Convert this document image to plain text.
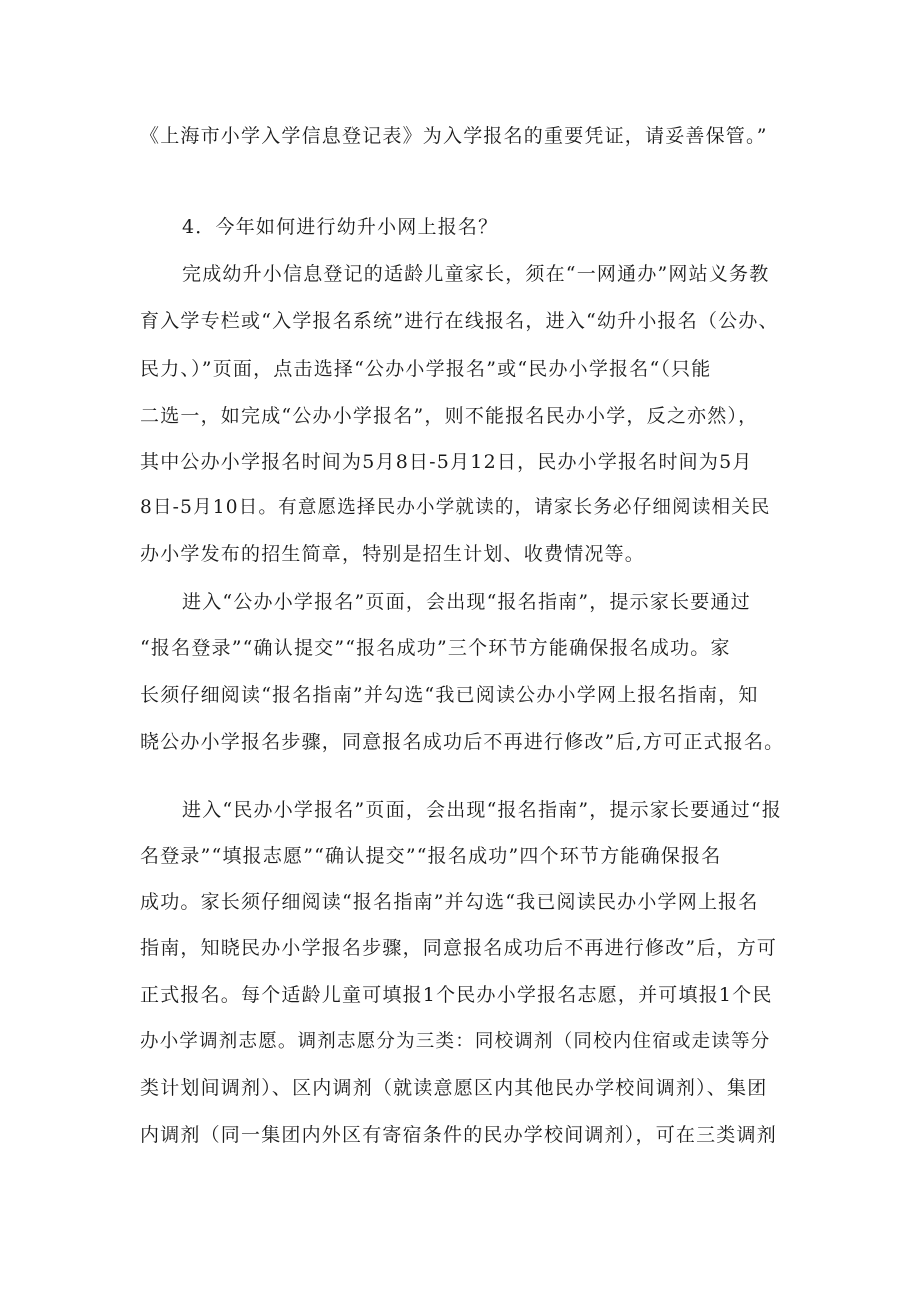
《上海市小学入学信息登记表》为入学报名的重要凭证，请妥善保管。”
4．今年如何进行幼升小网上报名？
完成幼升小信息登记的适龄儿童家长，须在“一网通办”网站义务教
育入学专栏或“入学报名系统”进行在线报名，进入“幼升小报名（公办、
民力、）”页面，点击选择“公办小学报名”或“民办小学报名“（只能
二选一，如完成“公办小学报名”，则不能报名民办小学，反之亦然），
其中公办小学报名时间为5月8日-5月12日，民办小学报名时间为5月
8日-5月10日。有意愿选择民办小学就读的，请家长务必仔细阅读相关民
办小学发布的招生简章，特别是招生计划、收费情况等。
进入“公办小学报名”页面，会出现“报名指南”，提示家长要通过
“报名登录”“确认提交”“报名成功”三个环节方能确保报名成功。家
长须仔细阅读“报名指南”并勾选“我已阅读公办小学网上报名指南，知
晓公办小学报名步骤，同意报名成功后不再进行修改”后,方可正式报名。
进入“民办小学报名”页面，会出现“报名指南”，提示家长要通过“报
名登录”“填报志愿”“确认提交”“报名成功”四个环节方能确保报名
成功。家长须仔细阅读“报名指南”并勾选“我已阅读民办小学网上报名
指南，知晓民办小学报名步骤，同意报名成功后不再进行修改”后，方可
正式报名。每个适龄儿童可填报1个民办小学报名志愿，并可填报1个民
办小学调剂志愿。调剂志愿分为三类：同校调剂（同校内住宿或走读等分
类计划间调剂）、区内调剂（就读意愿区内其他民办学校间调剂）、集团
内调剂（同一集团内外区有寄宿条件的民办学校间调剂），可在三类调剂
